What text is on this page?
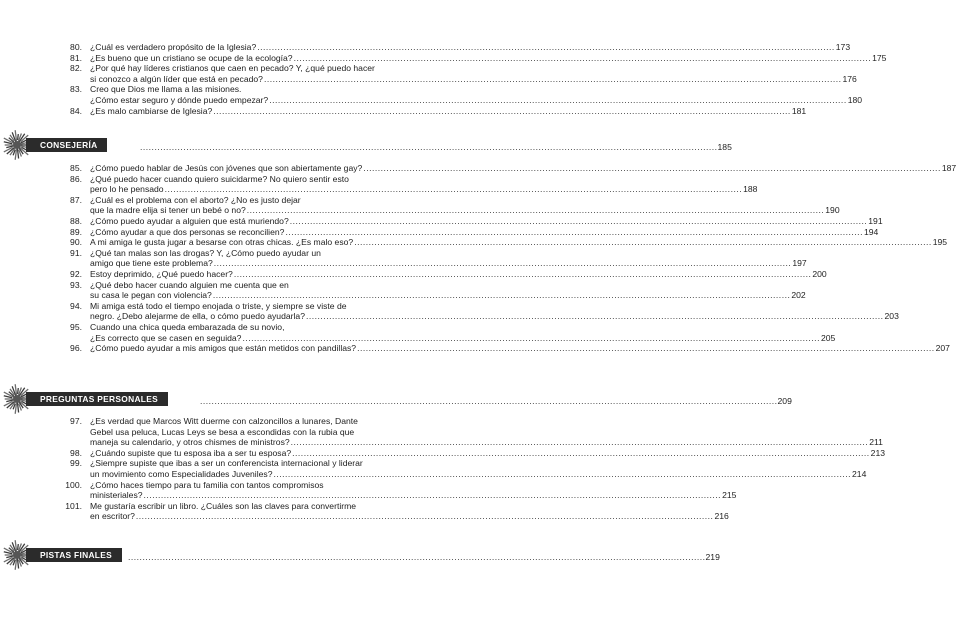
80. ¿Cuál es verdadero propósito de la Iglesia? .....	173
81. ¿Es bueno que un cristiano se ocupe de la ecología? .....	175
82. ¿Por qué hay líderes cristianos que caen en pecado? Y, ¿qué puedo hacer
si conozco a algún líder que está en pecado? .....	176
83. Creo que Dios me llama a las misiones.
¿Cómo estar seguro y dónde puedo empezar? .....	180
84. ¿Es malo cambiarse de Iglesia? .....	181
CONSEJERÍA .....	185
85. ¿Cómo puedo hablar de Jesús con jóvenes que son abiertamente gay? .....	187
86. ¿Qué puedo hacer cuando quiero suicidarme? No quiero sentir esto
pero lo he pensado .....	188
87. ¿Cuál es el problema con el aborto? ¿No es justo dejar
que la madre elija si tener un bebé o no? .....	190
88. ¿Cómo puedo ayudar a alguien que está muriendo? .....	191
89. ¿Cómo ayudar a que dos personas se reconcilien? .....	194
90. A mi amiga le gusta jugar a besarse con otras chicas. ¿Es malo eso? .....	195
91. ¿Qué tan malas son las drogas? Y, ¿Cómo puedo ayudar un
amigo que tiene este problema? .....	197
92. Estoy deprimido, ¿Qué puedo hacer? .....	200
93. ¿Qué debo hacer cuando alguien me cuenta que en
su casa le pegan con violencia? .....	202
94. Mi amiga está todo el tiempo enojada o triste, y siempre se viste de
negro. ¿Debo alejarme de ella, o cómo puedo ayudarla? .....	203
95. Cuando una chica queda embarazada de su novio,
¿Es correcto que se casen en seguida? .....	205
96. ¿Cómo puedo ayudar a mis amigos que están metidos con pandillas? .....	207
PREGUNTAS PERSONALES .....	209
97. ¿Es verdad que Marcos Witt duerme con calzoncillos a lunares, Dante
Gebel usa peluca, Lucas Leys se besa a escondidas con la rubia que
maneja su calendario, y otros chismes de ministros? .....	211
98. ¿Cuándo supiste que tu esposa iba a ser tu esposa? .....	213
99. ¿Siempre supiste que ibas a ser un conferencista internacional y liderar
un movimiento como Especialidades Juveniles? .....	214
100. ¿Cómo haces tiempo para tu familia con tantos compromisos
ministeriales? .....	215
101. Me gustaría escribir un libro. ¿Cuáles son las claves para convertirme
en escritor? .....	216
PISTAS FINALES .....	219
